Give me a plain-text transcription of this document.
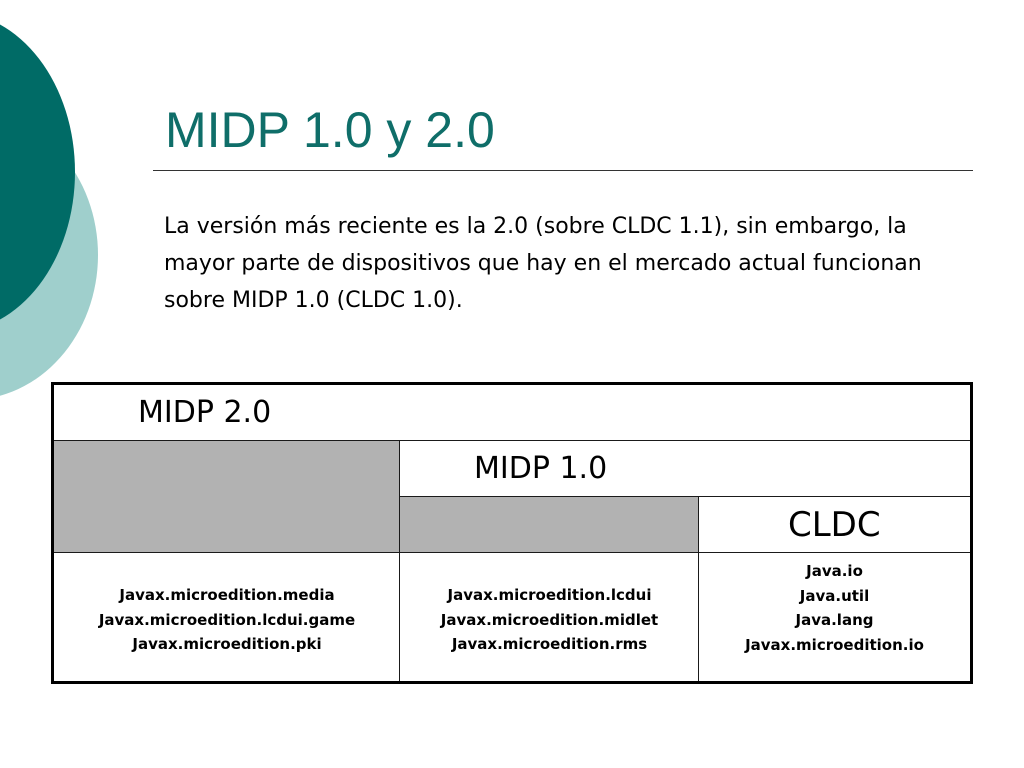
MIDP 1.0 y 2.0

La versión más reciente es la 2.0 (sobre CLDC 1.1), sin embargo, la mayor parte de dispositivos que hay en el mercado actual funcionan sobre MIDP 1.0 (CLDC 1.0).

MIDP 2.0
MIDP 1.0
CLDC
Javax.microedition.media
Javax.microedition.lcdui.game
Javax.microedition.pki
Javax.microedition.lcdui
Javax.microedition.midlet
Javax.microedition.rms
Java.io
Java.util
Java.lang
Javax.microedition.io
